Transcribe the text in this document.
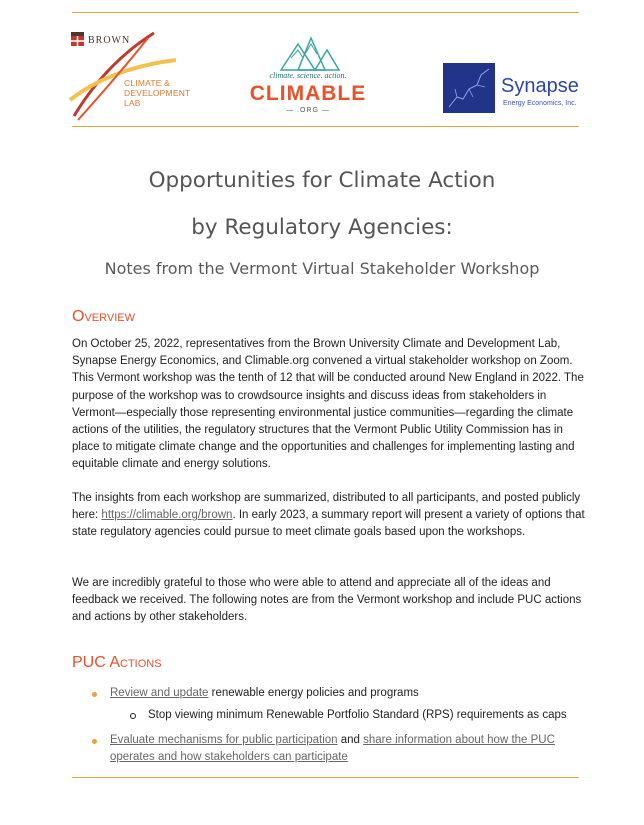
BROWN
CLIMATE &
DEVELOPMENT
LAB
climate. science. action.
CLIMABLE
— .ORG —
Synapse
Energy Economics, Inc.
Opportunities for Climate Action
by Regulatory Agencies:
Notes from the Vermont Virtual Stakeholder Workshop
Overview

On October 25, 2022, representatives from the Brown University Climate and Development Lab, Synapse Energy Economics, and Climable.org convened a virtual stakeholder workshop on Zoom. This Vermont workshop was the tenth of 12 that will be conducted around New England in 2022. The purpose of the workshop was to crowdsource insights and discuss ideas from stakeholders in Vermont—especially those representing environmental justice communities—regarding the climate actions of the utilities, the regulatory structures that the Vermont Public Utility Commission has in place to mitigate climate change and the opportunities and challenges for implementing lasting and equitable climate and energy solutions.

The insights from each workshop are summarized, distributed to all participants, and posted publicly here: https://climable.org/brown. In early 2023, a summary report will present a variety of options that state regulatory agencies could pursue to meet climate goals based upon the workshops.

We are incredibly grateful to those who were able to attend and appreciate all of the ideas and feedback we received. The following notes are from the Vermont workshop and include PUC actions and actions by other stakeholders.

PUC Actions
Review and update renewable energy policies and programs
Stop viewing minimum Renewable Portfolio Standard (RPS) requirements as caps
Evaluate mechanisms for public participation and share information about how the PUC operates and how stakeholders can participate
